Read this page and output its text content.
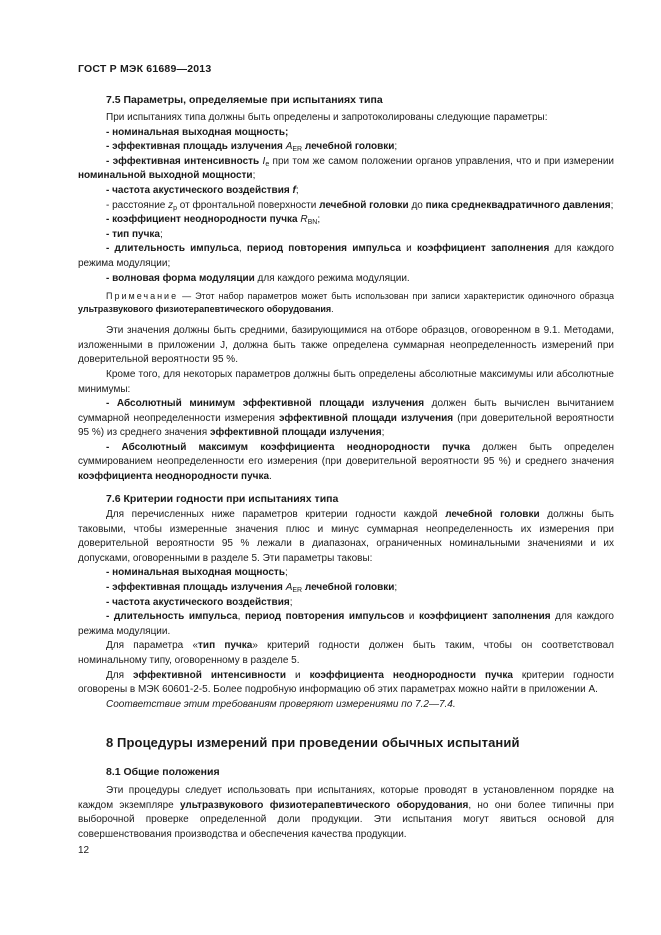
ГОСТ Р МЭК 61689—2013
7.5 Параметры, определяемые при испытаниях типа

При испытаниях типа должны быть определены и запротоколированы следующие параметры:

- номинальная выходная мощность;

- эффективная площадь излучения $A_{ER}$ лечебной головки;

- эффективная интенсивность $I_e$ при том же самом положении органов управления, что и при измерении номинальной выходной мощности;

- частота акустического воздействия f;

- расстояние $z_p$ от фронтальной поверхности лечебной головки до пика среднеквадратичного давления;

- коэффициент неоднородности пучка $R_{BN}$;

- тип пучка;

- длительность импульса, период повторения импульса и коэффициент заполнения для каждого режима модуляции;

- волновая форма модуляции для каждого режима модуляции.

Примечание — Этот набор параметров может быть использован при записи характеристик одиночного образца ультразвукового физиотерапевтического оборудования.

Эти значения должны быть средними, базирующимися на отборе образцов, оговоренном в 9.1. Методами, изложенными в приложении J, должна быть также определена суммарная неопределенность измерений при доверительной вероятности 95 %.

Кроме того, для некоторых параметров должны быть определены абсолютные максимумы или абсолютные минимумы:

- Абсолютный минимум эффективной площади излучения должен быть вычислен вычитанием суммарной неопределенности измерения эффективной площади излучения (при доверительной вероятности 95 %) из среднего значения эффективной площади излучения;

- Абсолютный максимум коэффициента неоднородности пучка должен быть определен суммированием неопределенности его измерения (при доверительной вероятности 95 %) и среднего значения коэффициента неоднородности пучка.

7.6 Критерии годности при испытаниях типа

Для перечисленных ниже параметров критерии годности каждой лечебной головки должны быть таковыми, чтобы измеренные значения плюс и минус суммарная неопределенность их измерения при доверительной вероятности 95 % лежали в диапазонах, ограниченных номинальными значениями и их допусками, оговоренными в разделе 5. Эти параметры таковы:

- номинальная выходная мощность;

- эффективная площадь излучения $A_{ER}$ лечебной головки;

- частота акустического воздействия;

- длительность импульса, период повторения импульсов и коэффициент заполнения для каждого режима модуляции.

Для параметра «тип пучка» критерий годности должен быть таким, чтобы он соответствовал номинальному типу, оговоренному в разделе 5.

Для эффективной интенсивности и коэффициента неоднородности пучка критерии годности оговорены в МЭК 60601-2-5. Более подробную информацию об этих параметрах можно найти в приложении А.

Соответствие этим требованиям проверяют измерениями по 7.2—7.4.

8 Процедуры измерений при проведении обычных испытаний
8.1 Общие положения

Эти процедуры следует использовать при испытаниях, которые проводят в установленном порядке на каждом экземпляре ультразвукового физиотерапевтического оборудования, но они более типичны при выборочной проверке определенной доли продукции. Эти испытания могут явиться основой для совершенствования производства и обеспечения качества продукции.

12
